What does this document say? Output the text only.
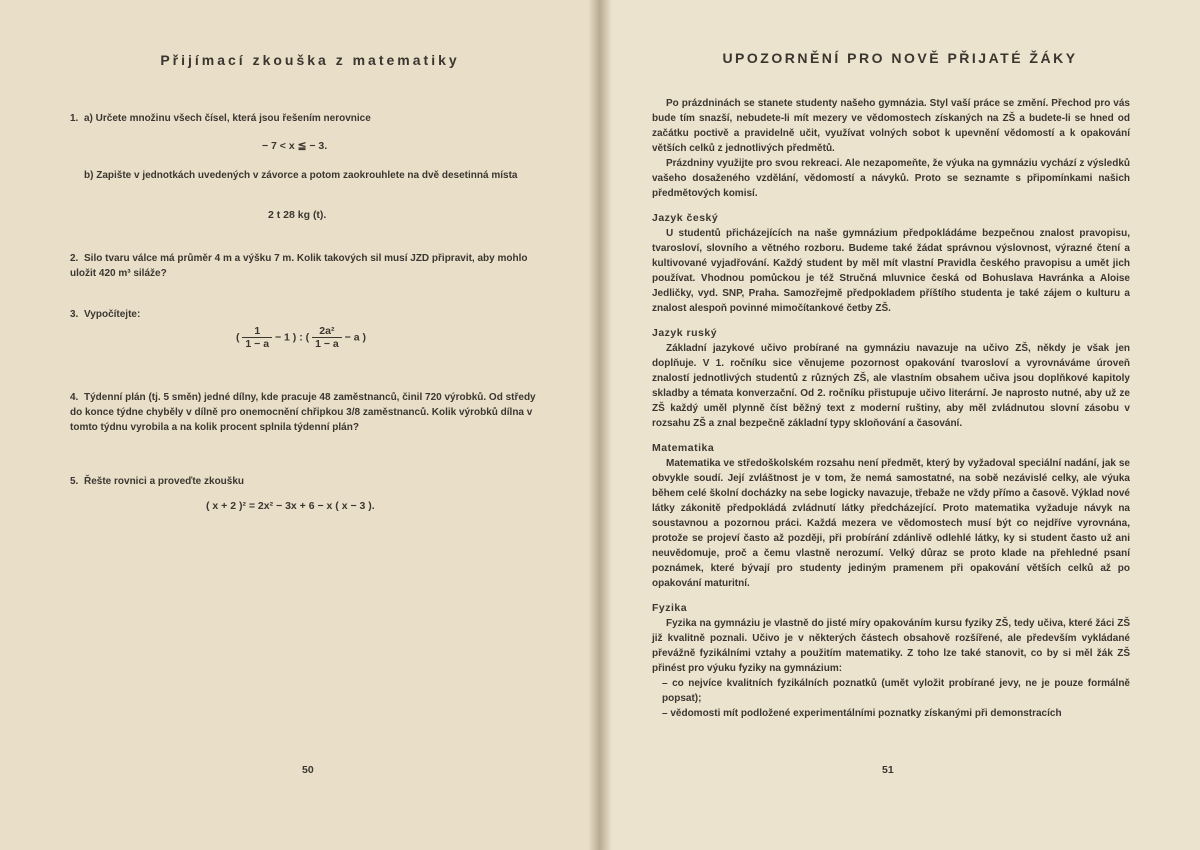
Přijímací zkouška z matematiky
1. a) Určete množinu všech čísel, která jsou řešením nerovnice
− 7 < x ≦ − 3.
b) Zapište v jednotkách uvedených v závorce a potom zaokrouhlete na dvě desetinná místa
2 t 28 kg (t).
2. Silo tvaru válce má průměr 4 m a výšku 7 m. Kolik takových sil musí JZD připravit, aby mohlo uložit 420 m³ siláže?
3. Vypočítejte:
( $\frac{1}{1 - a} - 1$ ) : ( $\frac{\text{2a²}}{1 - a} - a$ )
4. Týdenní plán (tj. 5 směn) jedné dílny, kde pracuje 48 zaměstnanců, činil 720 výrobků. Od středy do konce týdne chyběly v dílně pro onemocnění chřipkou 3/8 zaměstnanců. Kolik výrobků dílna v tomto týdnu vyrobila a na kolik procent splnila týdenní plán?
5. Řešte rovnici a proveďte zkoušku
( x + 2 )² = 2x² − 3x + 6 − x ( x − 3 ).
50
UPOZORNĚNÍ PRO NOVĚ PŘIJATÉ ŽÁKY

Po prázdninách se stanete studenty našeho gymnázia. Styl vaší práce se změní. Přechod pro vás bude tím snazší, nebudete-li mít mezery ve vědomostech získaných na ZŠ a budete-li se hned od začátku poctivě a pravidelně učit, využívat volných sobot k upevnění vědomostí a k opakování větších celků z jednotlivých předmětů.

Prázdniny využijte pro svou rekreaci. Ale nezapomeňte, že výuka na gymnáziu vychází z výsledků vašeho dosaženého vzdělání, vědomostí a návyků. Proto se seznamte s připomínkami našich předmětových komisí.

Jazyk český

U studentů přicházejících na naše gymnázium předpokládáme bezpečnou znalost pravopisu, tvarosloví, slovního a větného rozboru. Budeme také žádat správnou výslovnost, výrazné čtení a kultivované vyjadřování. Každý student by měl mít vlastní Pravidla českého pravopisu a umět jich používat. Vhodnou pomůckou je též Stručná mluvnice česká od Bohuslava Havránka a Aloise Jedličky, vyd. SNP, Praha. Samozřejmě předpokladem příštího studenta je také zájem o kulturu a znalost alespoň povinné mimočítankové četby ZŠ.

Jazyk ruský

Základní jazykové učivo probírané na gymnáziu navazuje na učivo ZŠ, někdy je však jen doplňuje. V 1. ročníku sice věnujeme pozornost opakování tvarosloví a vyrovnáváme úroveň znalostí jednotlivých studentů z různých ZŠ, ale vlastním obsahem učiva jsou doplňkové kapitoly skladby a témata konverzační. Od 2. ročníku přistupuje učivo literární. Je naprosto nutné, aby už ze ZŠ každý uměl plynně číst běžný text z moderní ruštiny, aby měl zvládnutou slovní zásobu v rozsahu ZŠ a znal bezpečně základní typy skloňování a časování.

Matematika

Matematika ve středoškolském rozsahu není předmět, který by vyžadoval speciální nadání, jak se obvykle soudí. Její zvláštnost je v tom, že nemá samostatné, na sobě nezávislé celky, ale výuka během celé školní docházky na sebe logicky navazuje, třebaže ne vždy přímo a časově. Výklad nové látky zákonitě předpokládá zvládnutí látky předcházející. Proto matematika vyžaduje návyk na soustavnou a pozornou práci. Každá mezera ve vědomostech musí být co nejdříve vyrovnána, protože se projeví často až později, při probírání zdánlivě odlehlé látky, ky si student často už ani neuvědomuje, proč a čemu vlastně nerozumí. Velký důraz se proto klade na přehledné psaní poznámek, které bývají pro studenty jediným pramenem při opakování větších celků až po opakování maturitní.

Fyzika

Fyzika na gymnáziu je vlastně do jisté míry opakováním kursu fyziky ZŠ, tedy učiva, které žáci ZŠ již kvalitně poznali. Učivo je v některých částech obsahově rozšířené, ale především vykládané převážně fyzikálními vztahy a použitím matematiky. Z toho lze také stanovit, co by si měl žák ZŠ přinést pro výuku fyziky na gymnázium:

– co nejvíce kvalitních fyzikálních poznatků (umět vyložit probírané jevy, ne je pouze formálně popsat);

– vědomosti mít podložené experimentálními poznatky získanými při demonstracích

51
